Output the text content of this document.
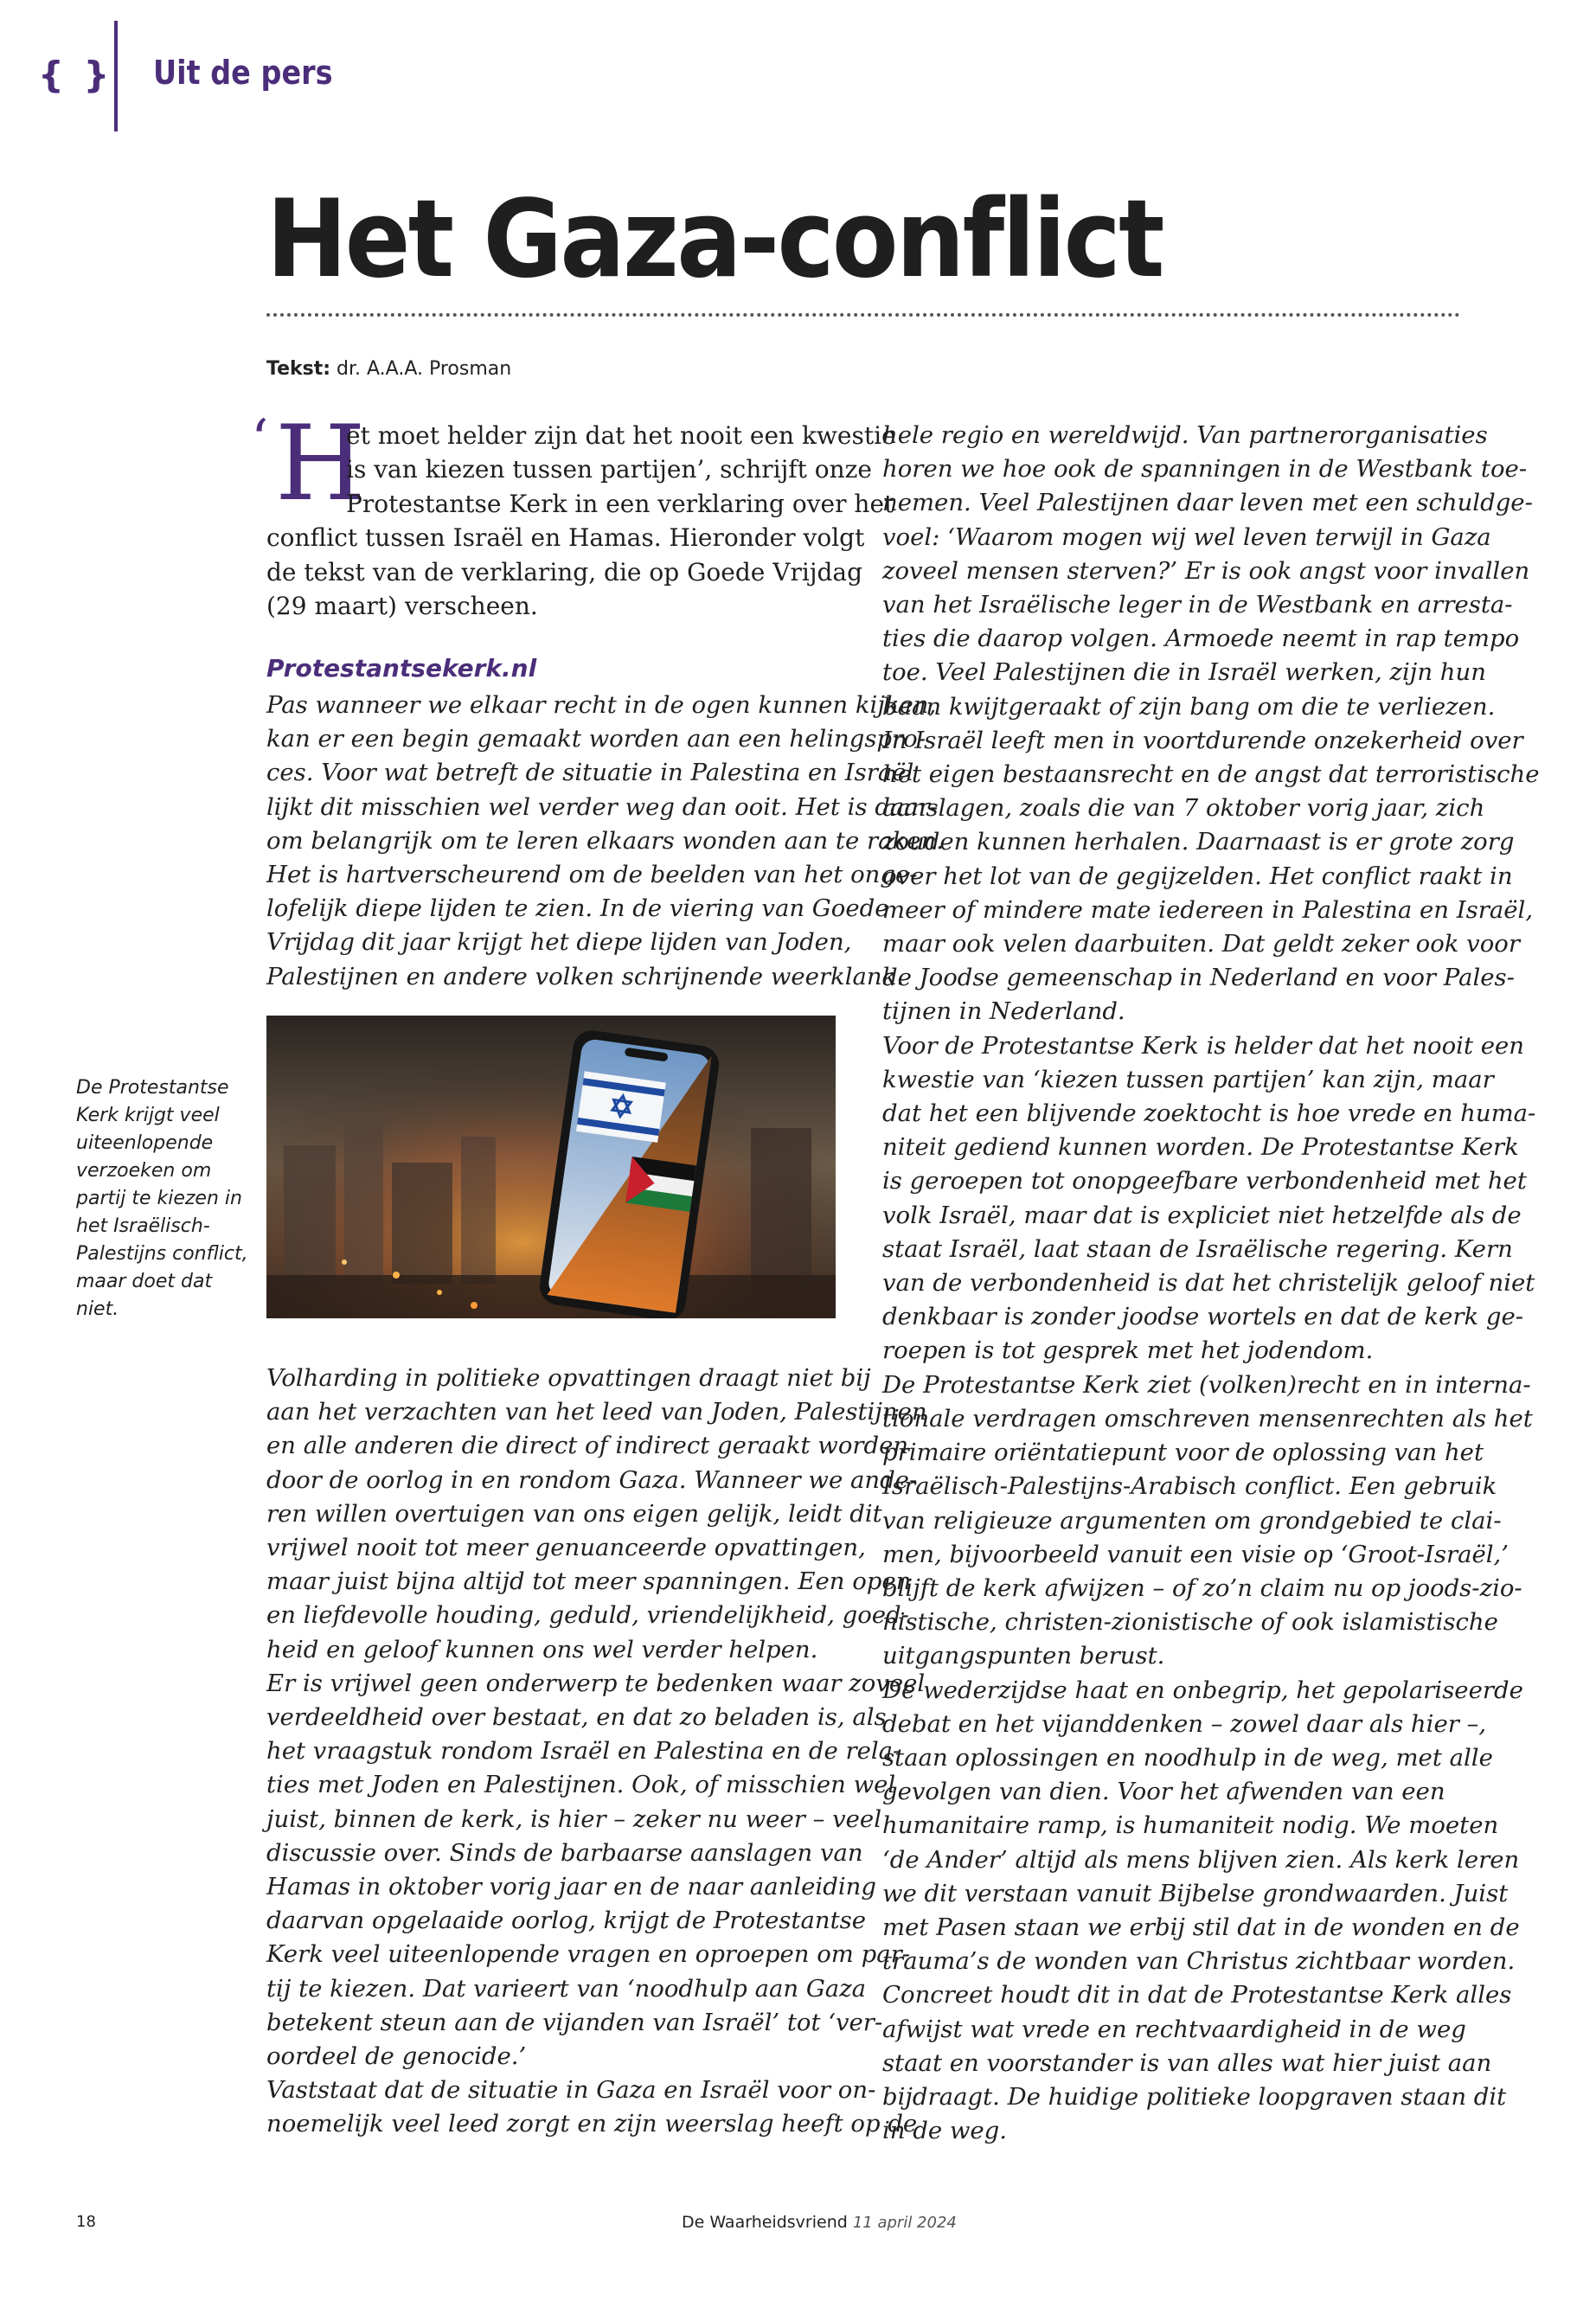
{ } Uit de pers
Het Gaza-conflict
Tekst: dr. A.A.A. Prosman
‘ H
et moet helder zijn dat het nooit een kwestie
is van kiezen tussen partijen’, schrijft onze
Protestantse Kerk in een verklaring over het
conflict tussen Israël en Hamas. Hieronder volgt
de tekst van de verklaring, die op Goede Vrijdag
(29 maart) verscheen.
Protestantsekerk.nl
Pas wanneer we elkaar recht in de ogen kunnen kijken,
kan er een begin gemaakt worden aan een helingspro-
ces. Voor wat betreft de situatie in Palestina en Israël
lijkt dit misschien wel verder weg dan ooit. Het is daar-
om belangrijk om te leren elkaars wonden aan te raken.
Het is hartverscheurend om de beelden van het onge-
lofelijk diepe lijden te zien. In de viering van Goede
Vrijdag dit jaar krijgt het diepe lijden van Joden,
Palestijnen en andere volken schrijnende weerklank.
Volharding in politieke opvattingen draagt niet bij
aan het verzachten van het leed van Joden, Palestijnen
en alle anderen die direct of indirect geraakt worden
door de oorlog in en rondom Gaza. Wanneer we ande-
ren willen overtuigen van ons eigen gelijk, leidt dit
vrijwel nooit tot meer genuanceerde opvattingen,
maar juist bijna altijd tot meer spanningen. Een open
en liefdevolle houding, geduld, vriendelijkheid, goed-
heid en geloof kunnen ons wel verder helpen.
Er is vrijwel geen onderwerp te bedenken waar zoveel
verdeeldheid over bestaat, en dat zo beladen is, als
het vraagstuk rondom Israël en Palestina en de rela-
ties met Joden en Palestijnen. Ook, of misschien wel
juist, binnen de kerk, is hier – zeker nu weer – veel
discussie over. Sinds de barbaarse aanslagen van
Hamas in oktober vorig jaar en de naar aanleiding
daarvan opgelaaide oorlog, krijgt de Protestantse
Kerk veel uiteenlopende vragen en oproepen om par-
tij te kiezen. Dat varieert van ‘noodhulp aan Gaza
betekent steun aan de vijanden van Israël’ tot ‘ver-
oordeel de genocide.’
Vaststaat dat de situatie in Gaza en Israël voor on-
noemelijk veel leed zorgt en zijn weerslag heeft op de
hele regio en wereldwijd. Van partnerorganisaties
horen we hoe ook de spanningen in de Westbank toe-
nemen. Veel Palestijnen daar leven met een schuldge-
voel: ‘Waarom mogen wij wel leven terwijl in Gaza
zoveel mensen sterven?’ Er is ook angst voor invallen
van het Israëlische leger in de Westbank en arresta-
ties die daarop volgen. Armoede neemt in rap tempo
toe. Veel Palestijnen die in Israël werken, zijn hun
baan kwijtgeraakt of zijn bang om die te verliezen.
In Israël leeft men in voortdurende onzekerheid over
het eigen bestaansrecht en de angst dat terroristische
aanslagen, zoals die van 7 oktober vorig jaar, zich
zouden kunnen herhalen. Daarnaast is er grote zorg
over het lot van de gegijzelden. Het conflict raakt in
meer of mindere mate iedereen in Palestina en Israël,
maar ook velen daarbuiten. Dat geldt zeker ook voor
de Joodse gemeenschap in Nederland en voor Pales-
tijnen in Nederland.
Voor de Protestantse Kerk is helder dat het nooit een
kwestie van ‘kiezen tussen partijen’ kan zijn, maar
dat het een blijvende zoektocht is hoe vrede en huma-
niteit gediend kunnen worden. De Protestantse Kerk
is geroepen tot onopgeefbare verbondenheid met het
volk Israël, maar dat is expliciet niet hetzelfde als de
staat Israël, laat staan de Israëlische regering. Kern
van de verbondenheid is dat het christelijk geloof niet
denkbaar is zonder joodse wortels en dat de kerk ge-
roepen is tot gesprek met het jodendom.
De Protestantse Kerk ziet (volken)recht en in interna-
tionale verdragen omschreven mensenrechten als het
primaire oriëntatiepunt voor de oplossing van het
Israëlisch-Palestijns-Arabisch conflict. Een gebruik
van religieuze argumenten om grondgebied te clai-
men, bijvoorbeeld vanuit een visie op ‘Groot-Israël,’
blijft de kerk afwijzen – of zo’n claim nu op joods-zio-
nistische, christen-zionistische of ook islamistische
uitgangspunten berust.
De wederzijdse haat en onbegrip, het gepolariseerde
debat en het vijanddenken – zowel daar als hier –,
staan oplossingen en noodhulp in de weg, met alle
gevolgen van dien. Voor het afwenden van een
humanitaire ramp, is humaniteit nodig. We moeten
‘de Ander’ altijd als mens blijven zien. Als kerk leren
we dit verstaan vanuit Bijbelse grondwaarden. Juist
met Pasen staan we erbij stil dat in de wonden en de
trauma’s de wonden van Christus zichtbaar worden.
Concreet houdt dit in dat de Protestantse Kerk alles
afwijst wat vrede en rechtvaardigheid in de weg
staat en voorstander is van alles wat hier juist aan
bijdraagt. De huidige politieke loopgraven staan dit
in de weg.
De Protestantse
Kerk krijgt veel
uiteenlopende
verzoeken om
partij te kiezen in
het Israëlisch-
Palestijns conflict,
maar doet dat
niet.
18	De Waarheidsvriend 11 april 2024
